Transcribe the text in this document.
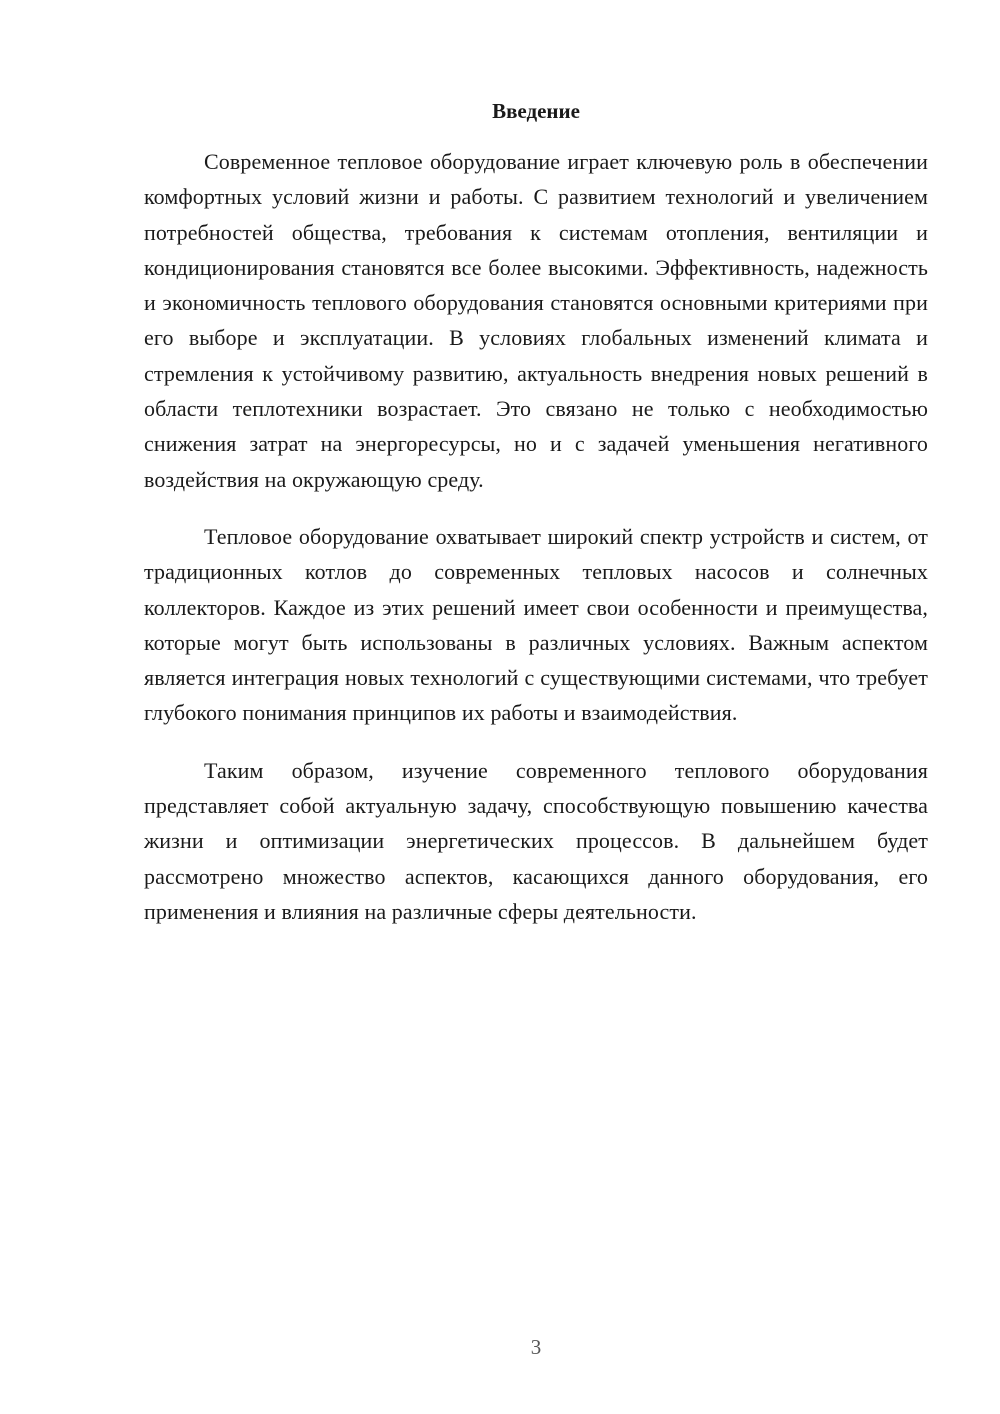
Введение

Современное тепловое оборудование играет ключевую роль в обеспечении комфортных условий жизни и работы. С развитием технологий и увеличением потребностей общества, требования к системам отопления, вентиляции и кондиционирования становятся все более высокими. Эффективность, надежность и экономичность теплового оборудования становятся основными критериями при его выборе и эксплуатации. В условиях глобальных изменений климата и стремления к устойчивому развитию, актуальность внедрения новых решений в области теплотехники возрастает. Это связано не только с необходимостью снижения затрат на энергоресурсы, но и с задачей уменьшения негативного воздействия на окружающую среду.

Тепловое оборудование охватывает широкий спектр устройств и систем, от традиционных котлов до современных тепловых насосов и солнечных коллекторов. Каждое из этих решений имеет свои особенности и преимущества, которые могут быть использованы в различных условиях. Важным аспектом является интеграция новых технологий с существующими системами, что требует глубокого понимания принципов их работы и взаимодействия.

Таким образом, изучение современного теплового оборудования представляет собой актуальную задачу, способствующую повышению качества жизни и оптимизации энергетических процессов. В дальнейшем будет рассмотрено множество аспектов, касающихся данного оборудования, его применения и влияния на различные сферы деятельности.

3
